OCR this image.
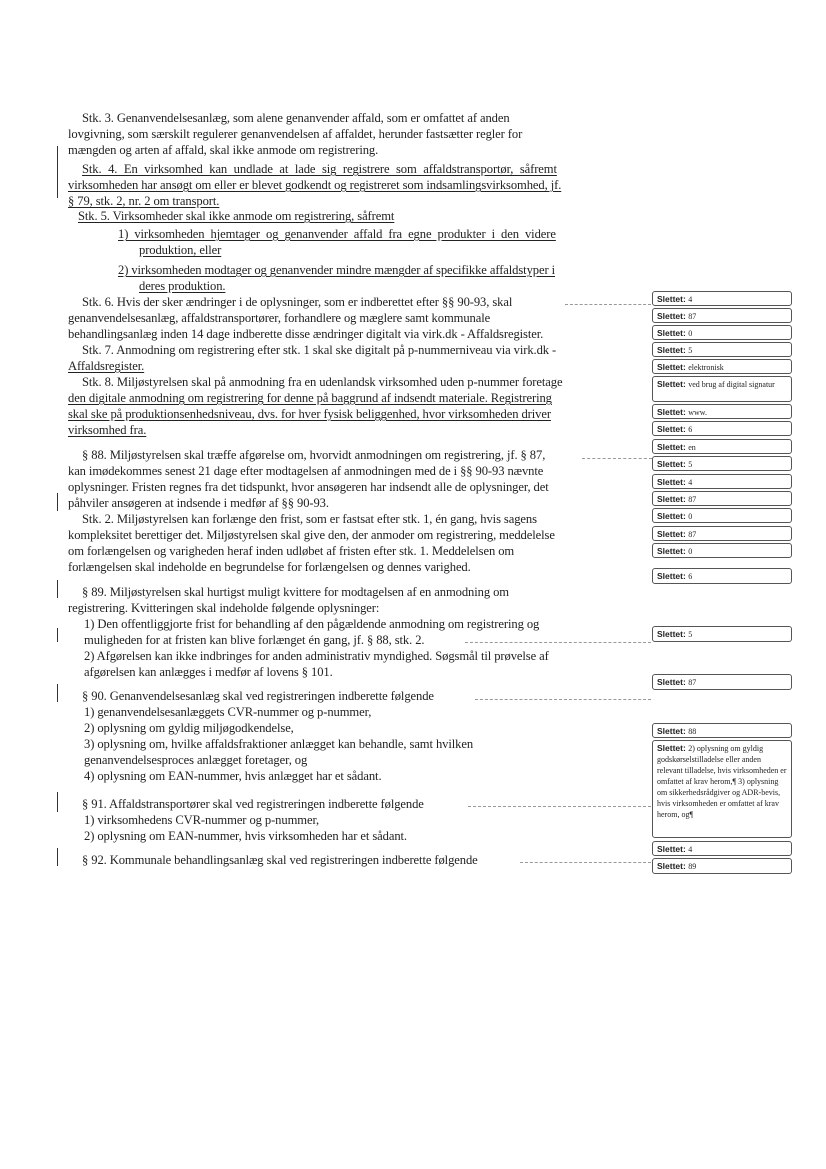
Stk. 3. Genanvendelsesanlæg, som alene genanvender affald, som er omfattet af anden
lovgivning, som særskilt regulerer genanvendelsen af affaldet, herunder fastsætter regler for
mængden og arten af affald, skal ikke anmode om registrering.
Stk. 4. En virksomhed kan undlade at lade sig registrere som affaldstransportør, såfremt
virksomheden har ansøgt om eller er blevet godkendt og registreret som indsamlingsvirksomhed, jf.
§ 79, stk. 2, nr. 2 om transport.
Stk. 5. Virksomheder skal ikke anmode om registrering, såfremt
1) virksomheden hjemtager og genanvender affald fra egne produkter i den videre
produktion, eller
2) virksomheden modtager og genanvender mindre mængder af specifikke affaldstyper i
deres produktion.
Stk. 6. Hvis der sker ændringer i de oplysninger, som er indberettet efter §§ 90-93, skal
genanvendelsesanlæg, affaldstransportører, forhandlere og mæglere samt kommunale
behandlingsanlæg inden 14 dage indberette disse ændringer digitalt via virk.dk - Affaldsregister.
Stk. 7. Anmodning om registrering efter stk. 1 skal ske digitalt på p-nummerniveau via virk.dk -
Affaldsregister.
Stk. 8. Miljøstyrelsen skal på anmodning fra en udenlandsk virksomhed uden p-nummer foretage
den digitale anmodning om registrering for denne på baggrund af indsendt materiale. Registrering
skal ske på produktionsenhedsniveau, dvs. for hver fysisk beliggenhed, hvor virksomheden driver
virksomhed fra.
§ 88. Miljøstyrelsen skal træffe afgørelse om, hvorvidt anmodningen om registrering, jf. § 87,
kan imødekommes senest 21 dage efter modtagelsen af anmodningen med de i §§ 90-93 nævnte
oplysninger. Fristen regnes fra det tidspunkt, hvor ansøgeren har indsendt alle de oplysninger, det
påhviler ansøgeren at indsende i medfør af §§ 90-93.
Stk. 2. Miljøstyrelsen kan forlænge den frist, som er fastsat efter stk. 1, én gang, hvis sagens
kompleksitet berettiger det. Miljøstyrelsen skal give den, der anmoder om registrering, meddelelse
om forlængelsen og varigheden heraf inden udløbet af fristen efter stk. 1. Meddelelsen om
forlængelsen skal indeholde en begrundelse for forlængelsen og dennes varighed.
§ 89. Miljøstyrelsen skal hurtigst muligt kvittere for modtagelsen af en anmodning om
registrering. Kvitteringen skal indeholde følgende oplysninger:
1) Den offentliggjorte frist for behandling af den pågældende anmodning om registrering og
muligheden for at fristen kan blive forlænget én gang, jf. § 88, stk. 2.
2) Afgørelsen kan ikke indbringes for anden administrativ myndighed. Søgsmål til prøvelse af
afgørelsen kan anlægges i medfør af lovens § 101.
§ 90. Genanvendelsesanlæg skal ved registreringen indberette følgende
1) genanvendelsesanlæggets CVR-nummer og p-nummer,
2) oplysning om gyldig miljøgodkendelse,
3) oplysning om, hvilke affaldsfraktioner anlægget kan behandle, samt hvilken
genanvendelsesproces anlægget foretager, og
4) oplysning om EAN-nummer, hvis anlægget har et sådant.
§ 91. Affaldstransportører skal ved registreringen indberette følgende
1) virksomhedens CVR-nummer og p-nummer,
2) oplysning om EAN-nummer, hvis virksomheden har et sådant.
§ 92. Kommunale behandlingsanlæg skal ved registreringen indberette følgende
Slettet: 4
Slettet: 87
Slettet: 0
Slettet: 5
Slettet: elektronisk
Slettet: ved brug af digital signatur
Slettet: www.
Slettet: 6
Slettet: en
Slettet: 5
Slettet: 4
Slettet: 87
Slettet: 0
Slettet: 87
Slettet: 0
Slettet: 6
Slettet: 5
Slettet: 87
Slettet: 88
Slettet: 2) oplysning om gyldig godskørselstilladelse eller anden relevant tilladelse, hvis virksomheden er omfattet af krav herom,¶ 3) oplysning om sikkerhedsrådgiver og ADR-bevis, hvis virksomheden er omfattet af krav herom, og¶
Slettet: 4
Slettet: 89
